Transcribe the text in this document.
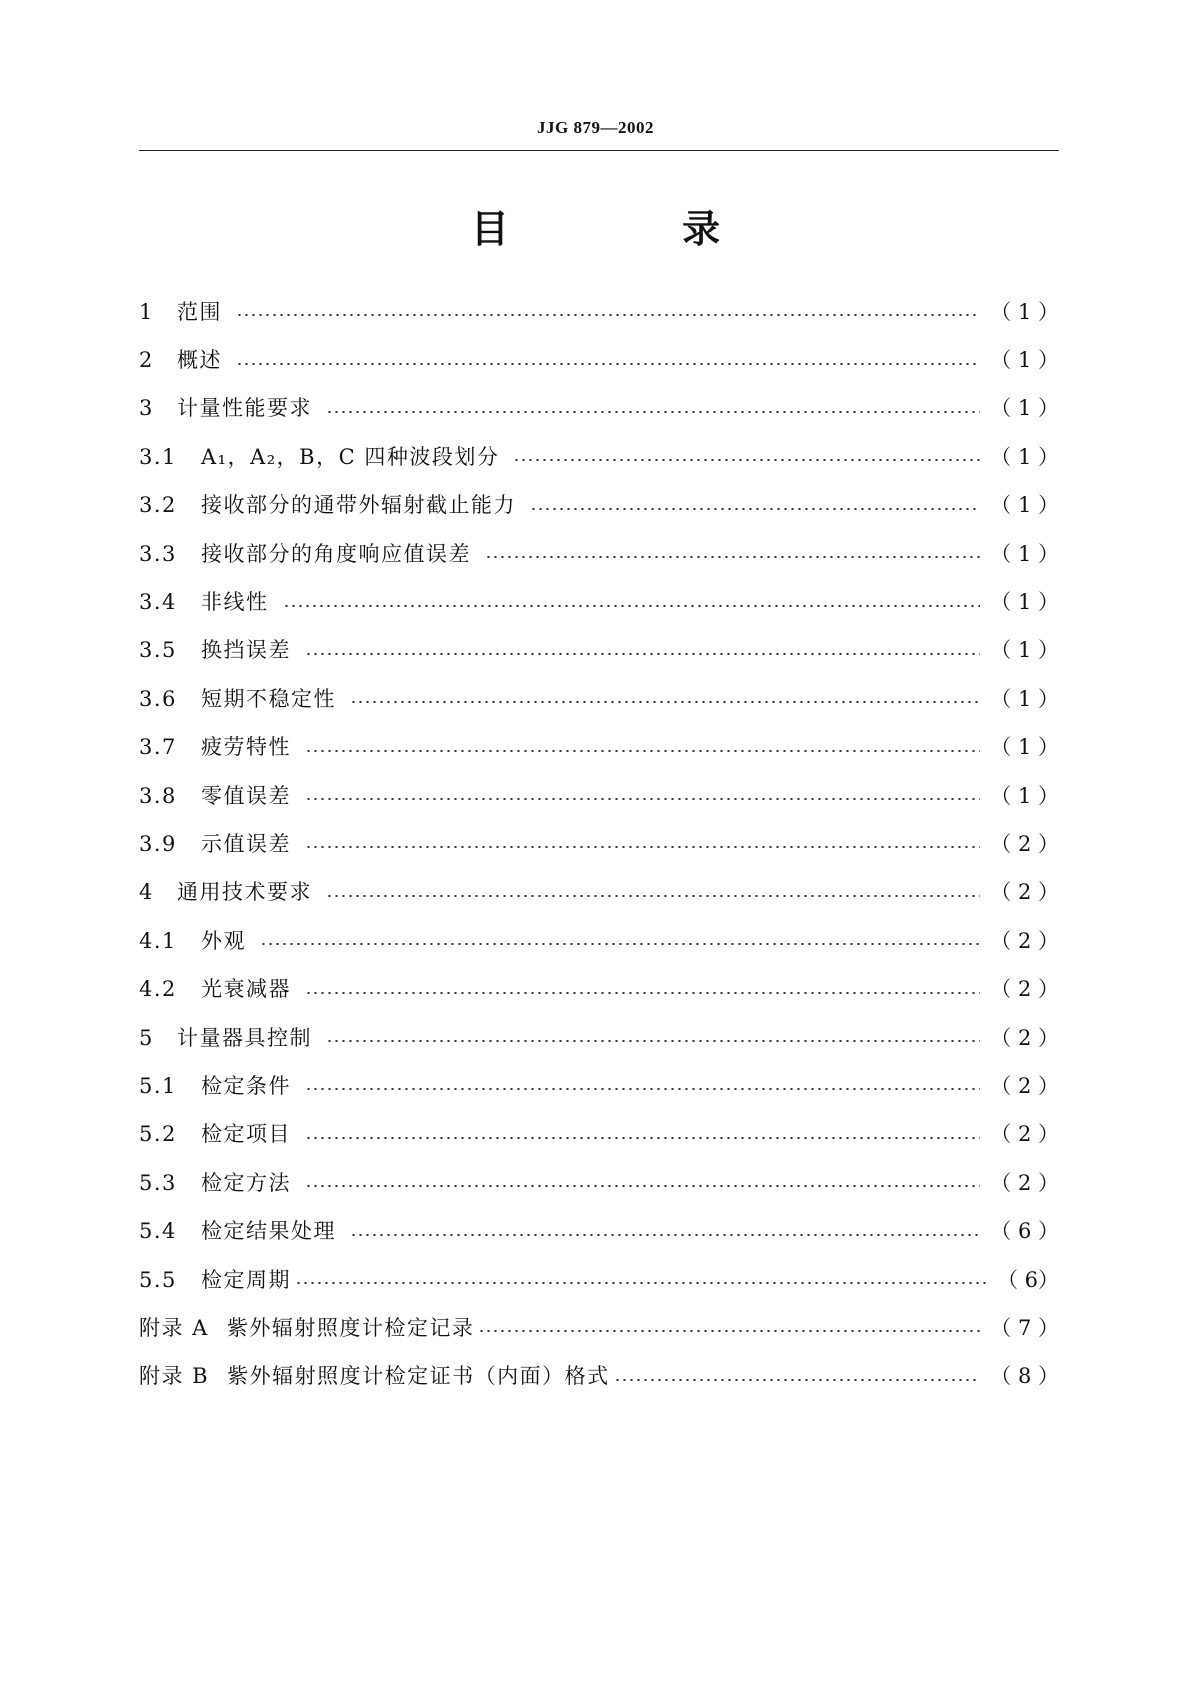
JJG 879—2002
目 录
1	范围	（ 1 ）
2	概述	（ 1 ）
3	计量性能要求	（ 1 ）
3.1	A₁，A₂，B，C 四种波段划分	（ 1 ）
3.2	接收部分的通带外辐射截止能力	（ 1 ）
3.3	接收部分的角度响应值误差	（ 1 ）
3.4	非线性	（ 1 ）
3.5	换挡误差	（ 1 ）
3.6	短期不稳定性	（ 1 ）
3.7	疲劳特性	（ 1 ）
3.8	零值误差	（ 1 ）
3.9	示值误差	（ 2 ）
4	通用技术要求	（ 2 ）
4.1	外观	（ 2 ）
4.2	光衰减器	（ 2 ）
5	计量器具控制	（ 2 ）
5.1	检定条件	（ 2 ）
5.2	检定项目	（ 2 ）
5.3	检定方法	（ 2 ）
5.4	检定结果处理	（ 6 ）
5.5	检定周期	（ 6）
附录 A 紫外辐射照度计检定记录	（ 7 ）
附录 B 紫外辐射照度计检定证书（内面）格式	（ 8 ）
